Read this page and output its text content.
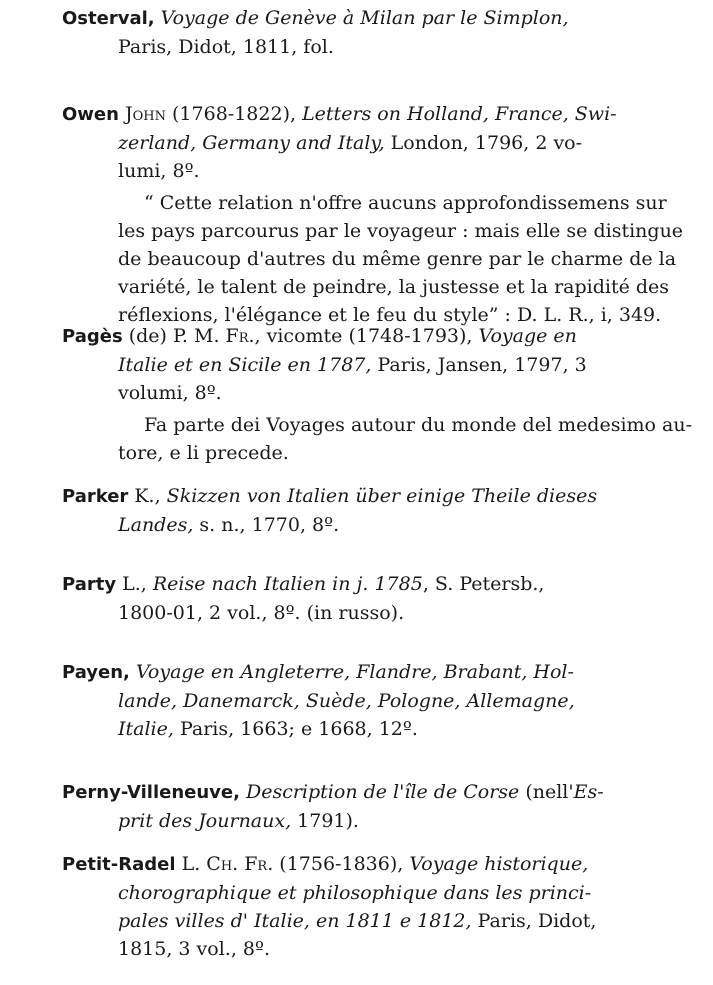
Osterval, Voyage de Genève à Milan par le Simplon,
Paris, Didot, 1811, fol.
Owen John (1768-1822), Letters on Holland, France, Swi-
zerland, Germany and Italy, London, 1796, 2 vo-
lumi, 8º.
“ Cette relation n'offre aucuns approfondissemens sur
les pays parcourus par le voyageur : mais elle se distingue
de beaucoup d'autres du même genre par le charme de la
variété, le talent de peindre, la justesse et la rapidité des
réflexions, l'élégance et le feu du style” : D. L. R., i, 349.
Pagès (de) P. M. Fr., vicomte (1748-1793), Voyage en
Italie et en Sicile en 1787, Paris, Jansen, 1797, 3
volumi, 8º.
Fa parte dei Voyages autour du monde del medesimo au-
tore, e li precede.
Parker K., Skizzen von Italien über einige Theile dieses
Landes, s. n., 1770, 8º.
Party L., Reise nach Italien in j. 1785, S. Petersb.,
1800-01, 2 vol., 8º. (in russo).
Payen, Voyage en Angleterre, Flandre, Brabant, Hol-
lande, Danemarck, Suède, Pologne, Allemagne,
Italie, Paris, 1663; e 1668, 12º.
Perny-Villeneuve, Description de l'île de Corse (nell'Es-
prit des Journaux, 1791).
Petit-Radel L. Ch. Fr. (1756-1836), Voyage historique,
chorographique et philosophique dans les princi-
pales villes d' Italie, en 1811 e 1812, Paris, Didot,
1815, 3 vol., 8º.
